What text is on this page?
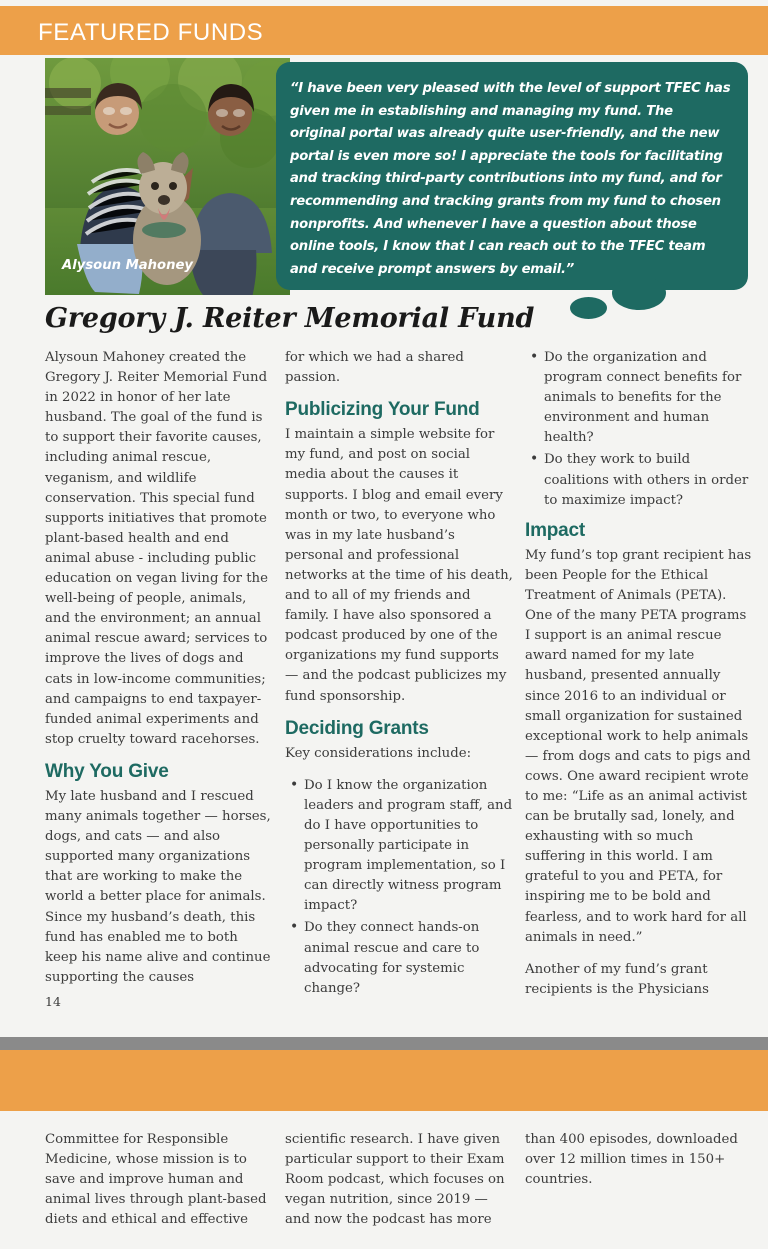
FEATURED FUNDS
“I have been very pleased with the level of support TFEC has given me in establishing and managing my fund. The original portal was already quite user-friendly, and the new portal is even more so! I appreciate the tools for facilitating and tracking third-party contributions into my fund, and for recommending and tracking grants from my fund to chosen nonprofits. And whenever I have a question about those online tools, I know that I can reach out to the TFEC team and receive prompt answers by email.”
Alysoun Mahoney
Gregory J. Reiter Memorial Fund

Alysoun Mahoney created the Gregory J. Reiter Memorial Fund in 2022 in honor of her late husband. The goal of the fund is to support their favorite causes, including animal rescue, veganism, and wildlife conservation. This special fund supports initiatives that promote plant-based health and end animal abuse - including public education on vegan living for the well-being of people, animals, and the environment; an annual animal rescue award; services to improve the lives of dogs and cats in low-income communities; and campaigns to end taxpayer-funded animal experiments and stop cruelty toward racehorses.

Why You Give

My late husband and I rescued many animals together — horses, dogs, and cats — and also supported many organizations that are working to make the world a better place for animals. Since my husband’s death, this fund has enabled me to both keep his name alive and continue supporting the causes

for which we had a shared passion.

Publicizing Your Fund

I maintain a simple website for my fund, and post on social media about the causes it supports. I blog and email every month or two, to everyone who was in my late husband’s personal and professional networks at the time of his death, and to all of my friends and family. I have also sponsored a podcast produced by one of the organizations my fund supports — and the podcast publicizes my fund sponsorship.

Deciding Grants

Key considerations include:

• Do I know the organization leaders and program staff, and do I have opportunities to personally participate in program implementation, so I can directly witness program impact?
• Do they connect hands-on animal rescue and care to advocating for systemic change?
• Do the organization and program connect benefits for animals to benefits for the environment and human health?
• Do they work to build coalitions with others in order to maximize impact?
Impact

My fund’s top grant recipient has been People for the Ethical Treatment of Animals (PETA). One of the many PETA programs I support is an animal rescue award named for my late husband, presented annually since 2016 to an individual or small organization for sustained exceptional work to help animals — from dogs and cats to pigs and cows. One award recipient wrote to me: “Life as an animal activist can be brutally sad, lonely, and exhausting with so much suffering in this world. I am grateful to you and PETA, for inspiring me to be bold and fearless, and to work hard for all animals in need.”

Another of my fund’s grant recipients is the Physicians

14

Committee for Responsible Medicine, whose mission is to save and improve human and animal lives through plant-based diets and ethical and effective

scientific research. I have given particular support to their Exam Room podcast, which focuses on vegan nutrition, since 2019 — and now the podcast has more

than 400 episodes, downloaded over 12 million times in 150+ countries.
